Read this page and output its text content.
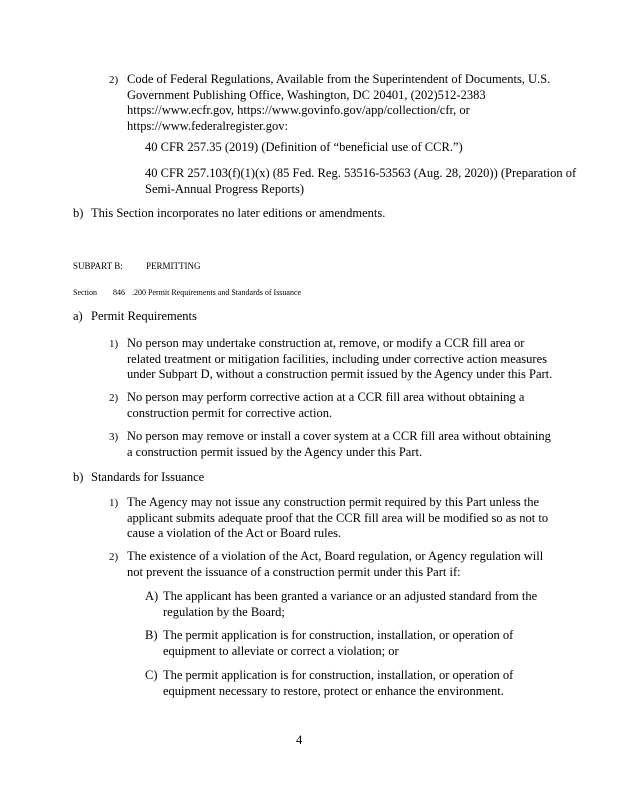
2) Code of Federal Regulations, Available from the Superintendent of Documents, U.S.
Government Publishing Office, Washington, DC 20401, (202)512-2383
https://www.ecfr.gov, https://www.govinfo.gov/app/collection/cfr, or
https://www.federalregister.gov:
40 CFR 257.35 (2019) (Definition of “beneficial use of CCR.”)
40 CFR 257.103(f)(1)(x) (85 Fed. Reg. 53516-53563 (Aug. 28, 2020)) (Preparation of
Semi-Annual Progress Reports)
b) This Section incorporates no later editions or amendments.
SUBPART B:	PERMITTING
Section 846 .200 Permit Requirements and Standards of Issuance
a) Permit Requirements
1) No person may undertake construction at, remove, or modify a CCR fill area or
related treatment or mitigation facilities, including under corrective action measures
under Subpart D, without a construction permit issued by the Agency under this Part.
2) No person may perform corrective action at a CCR fill area without obtaining a
construction permit for corrective action.
3) No person may remove or install a cover system at a CCR fill area without obtaining
a construction permit issued by the Agency under this Part.
b) Standards for Issuance
1) The Agency may not issue any construction permit required by this Part unless the
applicant submits adequate proof that the CCR fill area will be modified so as not to
cause a violation of the Act or Board rules.
2) The existence of a violation of the Act, Board regulation, or Agency regulation will
not prevent the issuance of a construction permit under this Part if:
A) The applicant has been granted a variance or an adjusted standard from the
regulation by the Board;
B) The permit application is for construction, installation, or operation of
equipment to alleviate or correct a violation; or
C) The permit application is for construction, installation, or operation of
equipment necessary to restore, protect or enhance the environment.
4
